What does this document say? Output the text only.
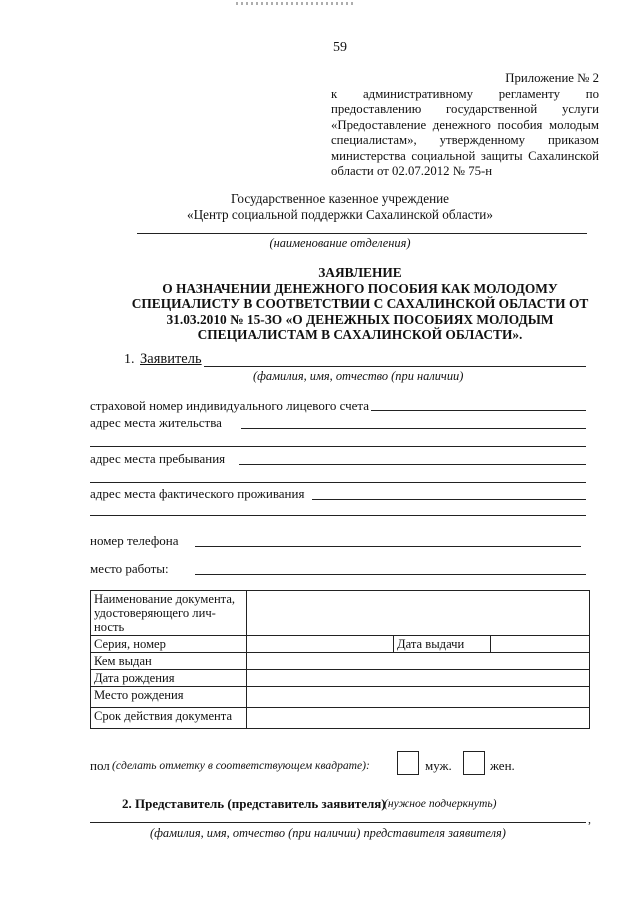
59
Приложение № 2
к административному регламенту по
предоставлению государственной услуги
«Предоставление денежного пособия молодым
специалистам», утвержденному приказом
министерства социальной защиты Сахалинской
области от 02.07.2012 № 75-н
Государственное казенное учреждение
«Центр социальной поддержки Сахалинской области»
(наименование отделения)
ЗАЯВЛЕНИЕ
О НАЗНАЧЕНИИ ДЕНЕЖНОГО ПОСОБИЯ КАК МОЛОДОМУ
СПЕЦИАЛИСТУ В СООТВЕТСТВИИ С САХАЛИНСКОЙ ОБЛАСТИ ОТ
31.03.2010 № 15-ЗО «О ДЕНЕЖНЫХ ПОСОБИЯХ МОЛОДЫМ
СПЕЦИАЛИСТАМ В САХАЛИНСКОЙ ОБЛАСТИ».
1. Заявитель
(фамилия, имя, отчество (при наличии)
страховой номер индивидуального лицевого счета
адрес места жительства
адрес места пребывания
адрес места фактического проживания
номер телефона
место работы:
Наименование документа, удостоверяющего лич-ность			
Серия, номер		Дата выдачи	
Кем выдан			
Дата рождения			
Место рождения			
Срок действия документа			
пол (сделать отметку в соответствующем квадрате):	муж.	жен.
2. Представитель (представитель заявителя)
(нужное подчеркнуть)
,
(фамилия, имя, отчество (при наличии) представителя заявителя)
